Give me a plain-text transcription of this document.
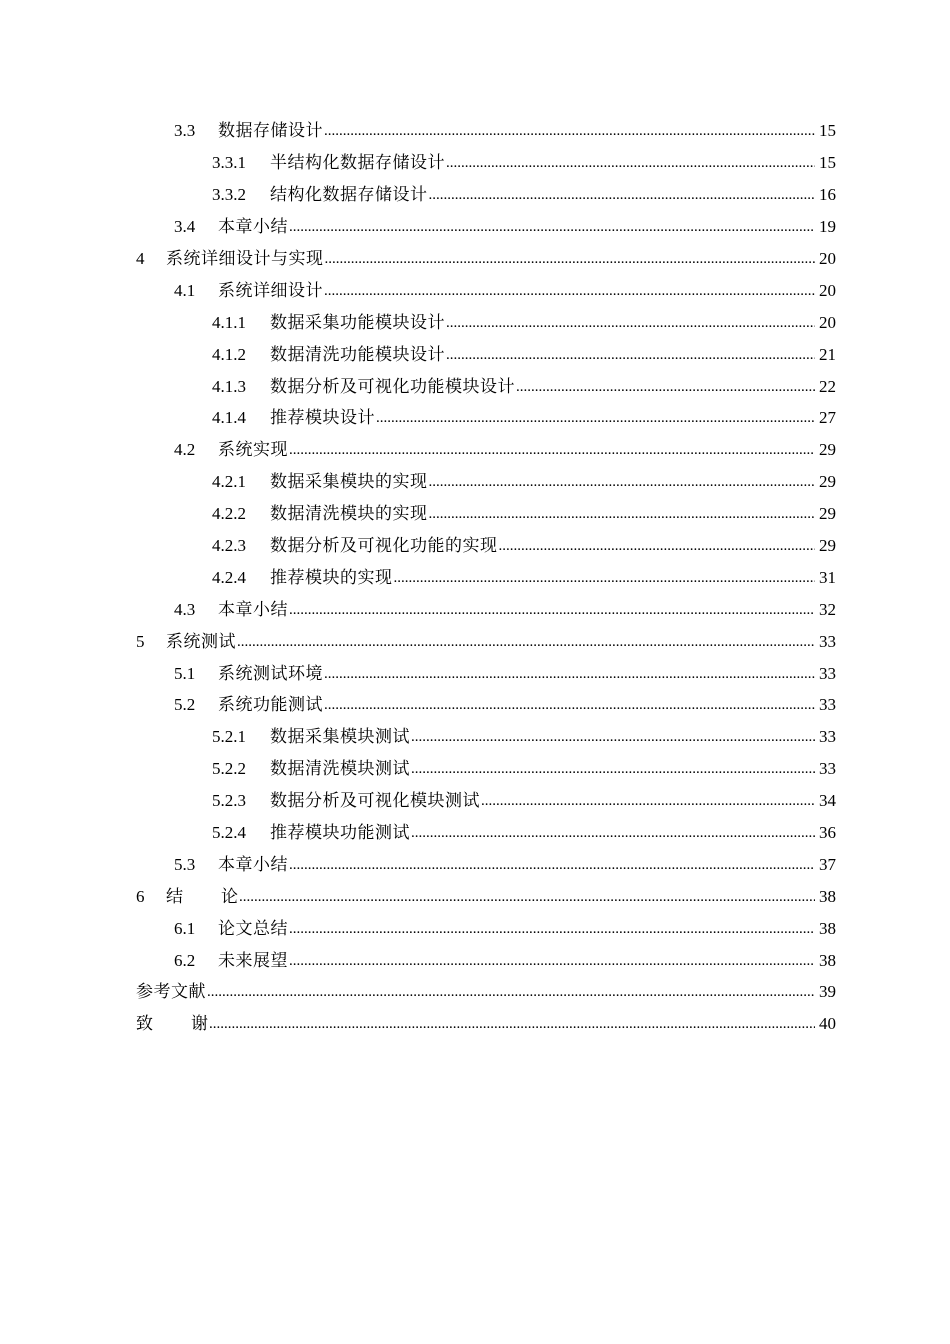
3.3	数据存储设计 .....	15
3.3.1	半结构化数据存储设计 .....	15
3.3.2	结构化数据存储设计 .....	16
3.4	本章小结 .....	19
4	系统详细设计与实现 .....	20
4.1	系统详细设计 .....	20
4.1.1	数据采集功能模块设计 .....	20
4.1.2	数据清洗功能模块设计 .....	21
4.1.3	数据分析及可视化功能模块设计 .....	22
4.1.4	推荐模块设计 .....	27
4.2	系统实现 .....	29
4.2.1	数据采集模块的实现 .....	29
4.2.2	数据清洗模块的实现 .....	29
4.2.3	数据分析及可视化功能的实现 .....	29
4.2.4	推荐模块的实现 .....	31
4.3	本章小结 .....	32
5	系统测试 .....	33
5.1	系统测试环境 .....	33
5.2	系统功能测试 .....	33
5.2.1	数据采集模块测试 .....	33
5.2.2	数据清洗模块测试 .....	33
5.2.3	数据分析及可视化模块测试 .....	34
5.2.4	推荐模块功能测试 .....	36
5.3	本章小结 .....	37
6	结 论 .....	38
6.1	论文总结 .....	38
6.2	未来展望 .....	38
参考文献 .....	39
致 谢 .....	40
